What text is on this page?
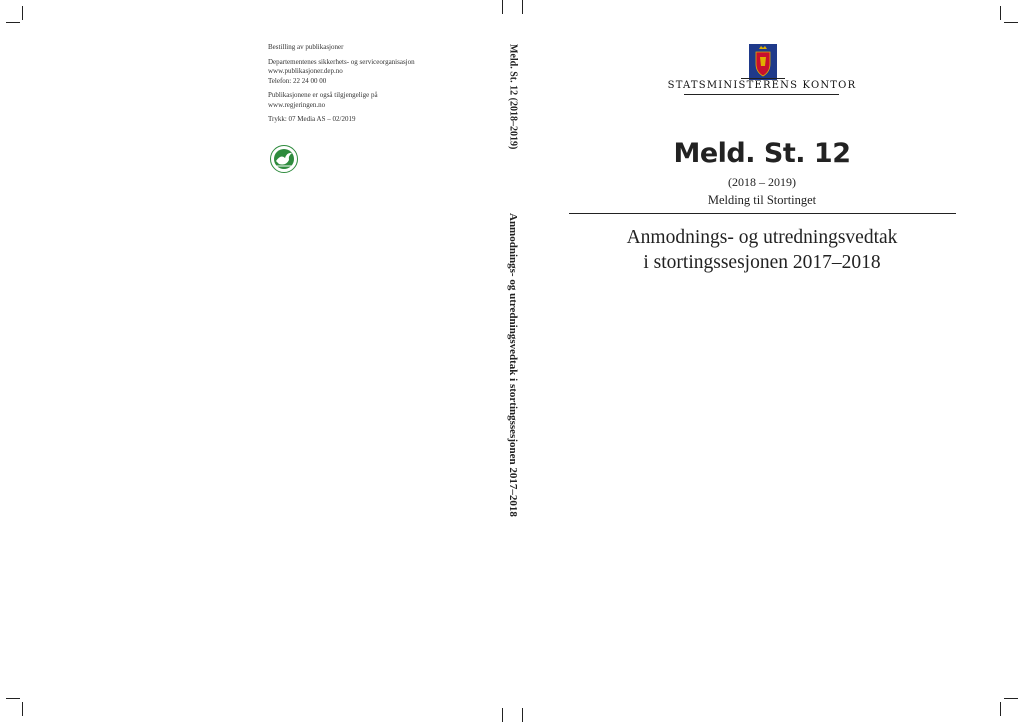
Bestilling av publikasjoner
Departementenes sikkerhets- og serviceorganisasjon
www.publikasjoner.dep.no
Telefon: 22 24 00 00
Publikasjonene er også tilgjengelige på
www.regjeringen.no
Trykk: 07 Media AS – 02/2019	Meld. St. 12 (2018–2019)
Anmodnings- og utredningsvedtak i stortingssesjonen 2017–2018
STATSMINISTERENS KONTOR
Meld. St. 12
(2018 – 2019)
Melding til Stortinget
Anmodnings- og utredningsvedtak
i stortingssesjonen 2017–2018
